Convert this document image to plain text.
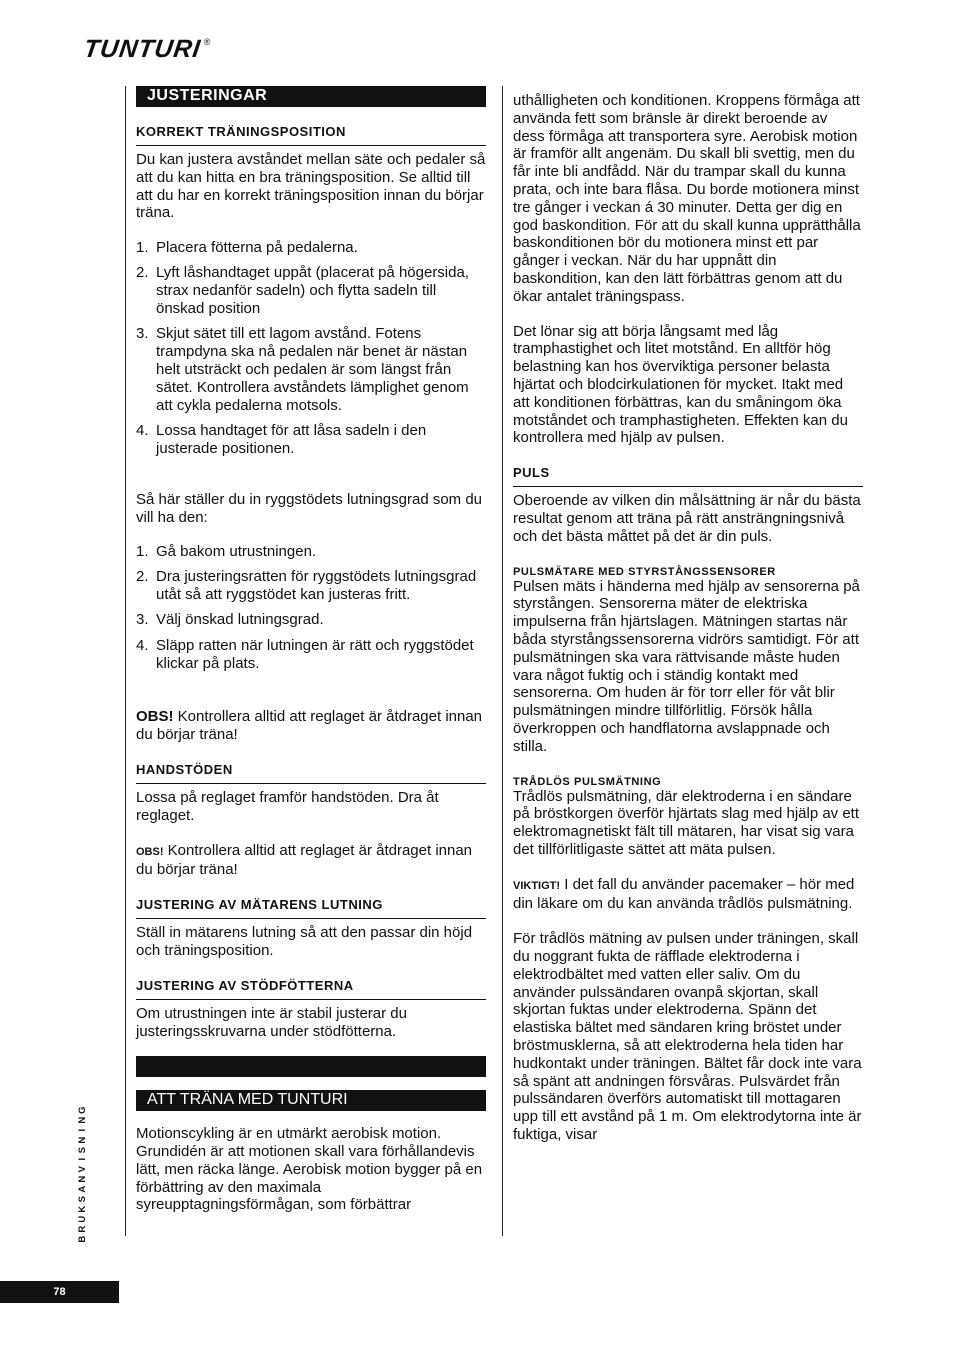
TUNTURI ®
JUSTERINGAR
KORREKT TRÄNINGSPOSITION

Du kan justera avståndet mellan säte och pedaler så att du kan hitta en bra träningsposition. Se alltid till att du har en korrekt träningsposition innan du börjar träna.

1. Placera fötterna på pedalerna.
2. Lyft låshandtaget uppåt (placerat på högersida, strax nedanför sadeln) och flytta sadeln till önskad position
3. Skjut sätet till ett lagom avstånd. Fotens trampdyna ska nå pedalen när benet är nästan helt utsträckt och pedalen är som längst från sätet. Kontrollera avståndets lämplighet genom att cykla pedalerna motsols.
4. Lossa handtaget för att låsa sadeln i den justerade positionen.

Så här ställer du in ryggstödets lutningsgrad som du vill ha den:

1. Gå bakom utrustningen.
2. Dra justeringsratten för ryggstödets lutningsgrad utåt så att ryggstödet kan justeras fritt.
3. Välj önskad lutningsgrad.
4. Släpp ratten när lutningen är rätt och ryggstödet klickar på plats.

OBS! Kontrollera alltid att reglaget är åtdraget innan du börjar träna!

HANDSTÖDEN

Lossa på reglaget framför handstöden. Dra åt reglaget.

OBS! Kontrollera alltid att reglaget är åtdraget innan du börjar träna!

JUSTERING AV MÄTARENS LUTNING

Ställ in mätarens lutning så att den passar din höjd och träningsposition.

JUSTERING AV STÖDFÖTTERNA

Om utrustningen inte är stabil justerar du justeringsskruvarna under stödfötterna.

ATT TRÄNA MED TUNTURI

Motionscykling är en utmärkt aerobisk motion. Grundidén är att motionen skall vara förhållandevis lätt, men räcka länge. Aerobisk motion bygger på en förbättring av den maximala syreupptagningsförmågan, som förbättrar

uthålligheten och konditionen. Kroppens förmåga att använda fett som bränsle är direkt beroende av dess förmåga att transportera syre. Aerobisk motion är framför allt angenäm. Du skall bli svettig, men du får inte bli andfådd. När du trampar skall du kunna prata, och inte bara flåsa. Du borde motionera minst tre gånger i veckan á 30 minuter. Detta ger dig en god baskondition. För att du skall kunna upprätthålla baskonditionen bör du motionera minst ett par gånger i veckan. När du har uppnått din baskondition, kan den lätt förbättras genom att du ökar antalet träningspass.

Det lönar sig att börja långsamt med låg tramphastighet och litet motstånd. En alltför hög belastning kan hos överviktiga personer belasta hjärtat och blodcirkulationen för mycket. Itakt med att konditionen förbättras, kan du småningom öka motståndet och tramphastigheten. Effekten kan du kontrollera med hjälp av pulsen.

PULS

Oberoende av vilken din målsättning är når du bästa resultat genom att träna på rätt ansträngningsnivå och det bästa måttet på det är din puls.

PULSMÄTARE MED STYRSTÅNGSSENSORER

Pulsen mäts i händerna med hjälp av sensorerna på styrstången. Sensorerna mäter de elektriska impulserna från hjärtslagen. Mätningen startas när båda styrstångssensorerna vidrörs samtidigt. För att pulsmätningen ska vara rättvisande måste huden vara något fuktig och i ständig kontakt med sensorerna. Om huden är för torr eller för våt blir pulsmätningen mindre tillförlitlig. Försök hålla överkroppen och handflatorna avslappnade och stilla.

TRÅDLÖS PULSMÄTNING

Trådlös pulsmätning, där elektroderna i en sändare på bröstkorgen överför hjärtats slag med hjälp av ett elektromagnetiskt fält till mätaren, har visat sig vara det tillförlitligaste sättet att mäta pulsen.

VIKTIGT! I det fall du använder pacemaker – hör med din läkare om du kan använda trådlös pulsmätning.

För trådlös mätning av pulsen under träningen, skall du noggrant fukta de räfflade elektroderna i elektrodbältet med vatten eller saliv. Om du använder pulssändaren ovanpå skjortan, skall skjortan fuktas under elektroderna. Spänn det elastiska bältet med sändaren kring bröstet under bröstmusklerna, så att elektroderna hela tiden har hudkontakt under träningen. Bältet får dock inte vara så spänt att andningen försvåras. Pulsvärdet från pulssändaren överförs automatiskt till mottagaren upp till ett avstånd på 1 m. Om elektrodytorna inte är fuktiga, visar

G
N
I
N
S
I
V
N
A
S
K
U
R
B
78
